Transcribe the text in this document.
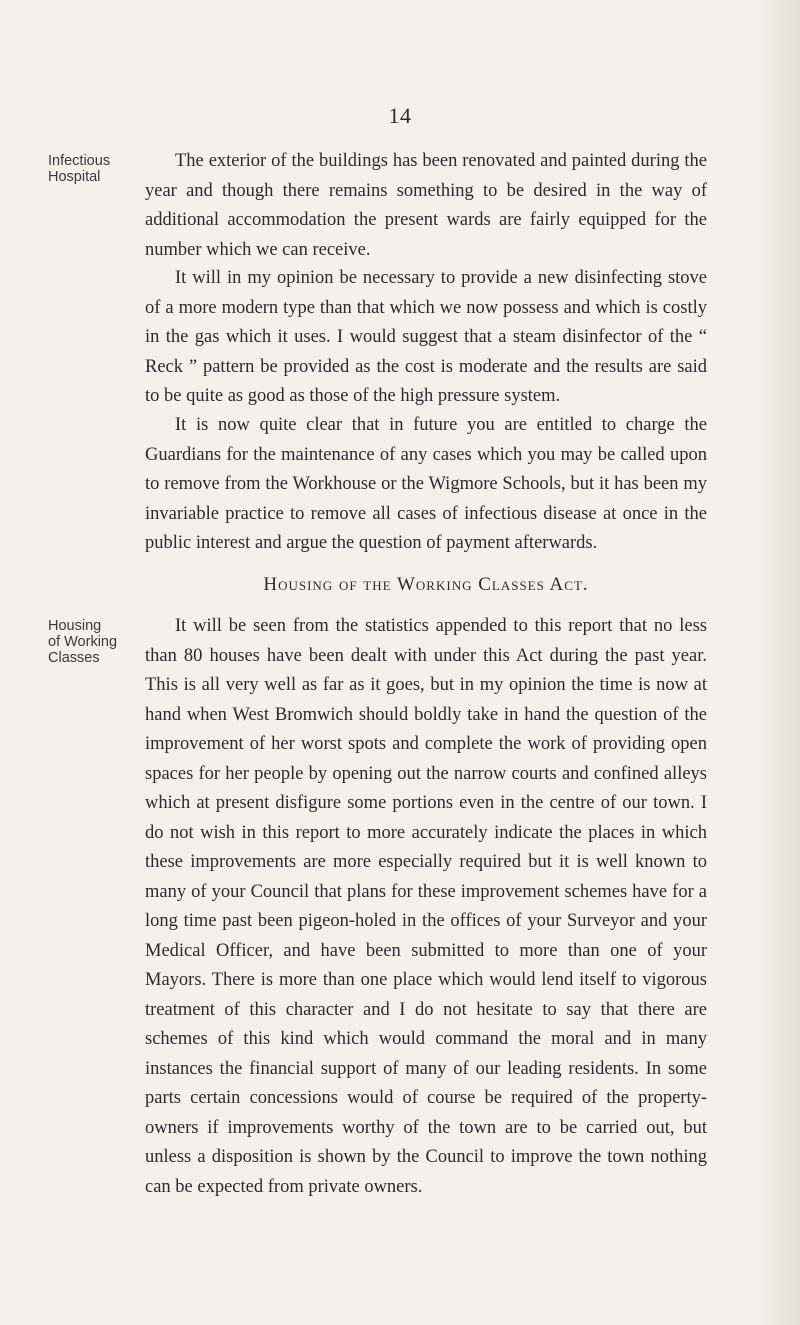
14
Infectious
Hospital

The exterior of the buildings has been renovated and painted during the year and though there remains something to be desired in the way of additional accommodation the present wards are fairly equipped for the number which we can receive.

It will in my opinion be necessary to provide a new disinfecting stove of a more modern type than that which we now possess and which is costly in the gas which it uses. I would suggest that a steam disinfector of the “ Reck ” pattern be provided as the cost is moderate and the results are said to be quite as good as those of the high pressure system.

It is now quite clear that in future you are entitled to charge the Guardians for the maintenance of any cases which you may be called upon to remove from the Workhouse or the Wigmore Schools, but it has been my invariable practice to remove all cases of infectious disease at once in the public interest and argue the question of payment afterwards.

Housing of the Working Classes Act.
Housing
of Working
Classes

It will be seen from the statistics appended to this report that no less than 80 houses have been dealt with under this Act during the past year. This is all very well as far as it goes, but in my opinion the time is now at hand when West Bromwich should boldly take in hand the question of the improvement of her worst spots and complete the work of providing open spaces for her people by opening out the narrow courts and confined alleys which at present disfigure some portions even in the centre of our town. I do not wish in this report to more accurately indicate the places in which these improvements are more especially required but it is well known to many of your Council that plans for these improvement schemes have for a long time past been pigeon-holed in the offices of your Surveyor and your Medical Officer, and have been submitted to more than one of your Mayors. There is more than one place which would lend itself to vigorous treatment of this character and I do not hesitate to say that there are schemes of this kind which would command the moral and in many instances the financial support of many of our leading residents. In some parts certain concessions would of course be required of the property-owners if improvements worthy of the town are to be carried out, but unless a disposition is shown by the Council to improve the town nothing can be expected from private owners.
